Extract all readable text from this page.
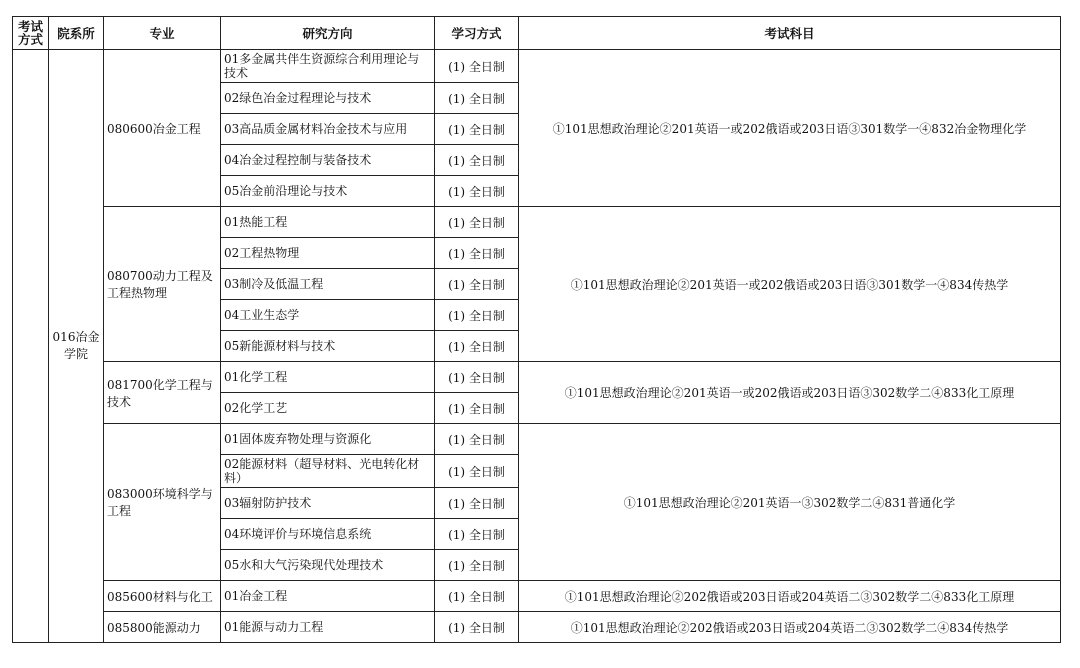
考试方式	院系所	专业	研究方向	学习方式	考试科目
	016冶金学院	080600冶金工程	01多金属共伴生资源综合利用理论与技术	(1) 全日制	①101思想政治理论②201英语一或202俄语或203日语③301数学一④832冶金物理化学
			02绿色冶金过程理论与技术	(1) 全日制	
			03高品质金属材料冶金技术与应用	(1) 全日制	
			04冶金过程控制与装备技术	(1) 全日制	
			05冶金前沿理论与技术	(1) 全日制	
		080700动力工程及工程热物理	01热能工程	(1) 全日制	①101思想政治理论②201英语一或202俄语或203日语③301数学一④834传热学
			02工程热物理	(1) 全日制	
			03制冷及低温工程	(1) 全日制	
			04工业生态学	(1) 全日制	
			05新能源材料与技术	(1) 全日制	
		081700化学工程与技术	01化学工程	(1) 全日制	①101思想政治理论②201英语一或202俄语或203日语③302数学二④833化工原理
			02化学工艺	(1) 全日制	
		083000环境科学与工程	01固体废弃物处理与资源化	(1) 全日制	①101思想政治理论②201英语一③302数学二④831普通化学
			02能源材料（超导材料、光电转化材料）	(1) 全日制	
			03辐射防护技术	(1) 全日制	
			04环境评价与环境信息系统	(1) 全日制	
			05水和大气污染现代处理技术	(1) 全日制	
		085600材料与化工	01冶金工程	(1) 全日制	①101思想政治理论②202俄语或203日语或204英语二③302数学二④833化工原理
		085800能源动力	01能源与动力工程	(1) 全日制	①101思想政治理论②202俄语或203日语或204英语二③302数学二④834传热学
